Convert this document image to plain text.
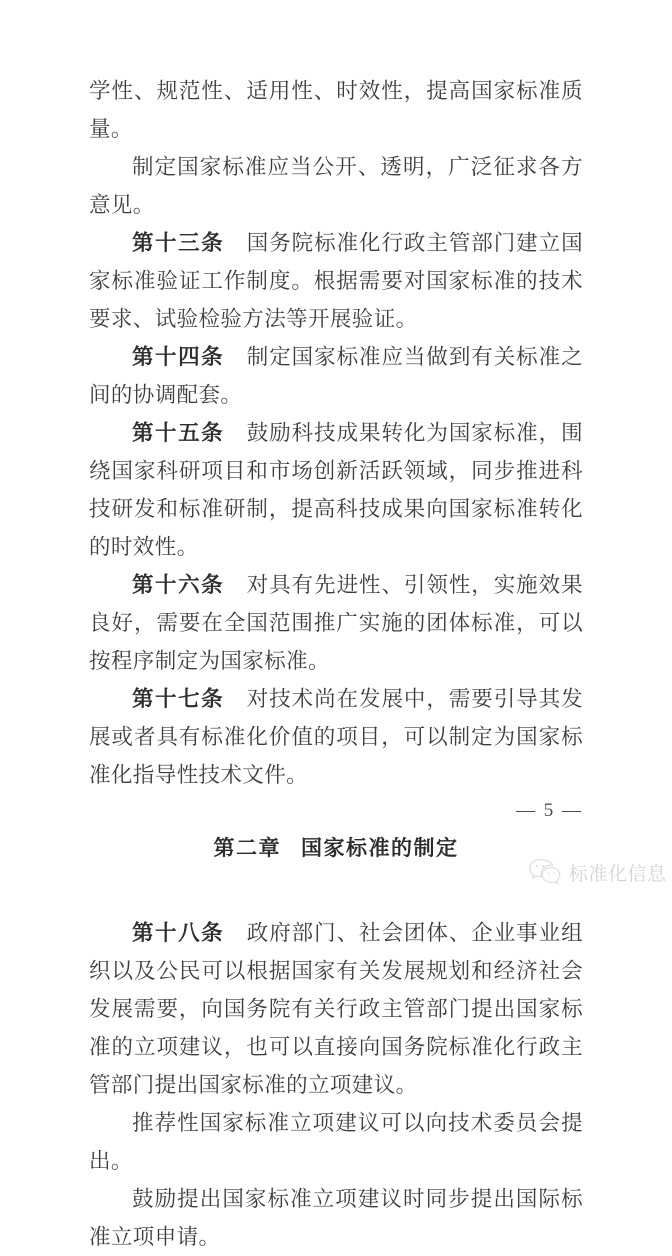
学性、规范性、适用性、时效性，提高国家标准质量。

制定国家标准应当公开、透明，广泛征求各方意见。

第十三条 国务院标准化行政主管部门建立国家标准验证工作制度。根据需要对国家标准的技术要求、试验检验方法等开展验证。

第十四条 制定国家标准应当做到有关标准之间的协调配套。

第十五条 鼓励科技成果转化为国家标准，围绕国家科研项目和市场创新活跃领域，同步推进科技研发和标准研制，提高科技成果向国家标准转化的时效性。

第十六条 对具有先进性、引领性，实施效果良好，需要在全国范围推广实施的团体标准，可以按程序制定为国家标准。

第十七条 对技术尚在发展中，需要引导其发展或者具有标准化价值的项目，可以制定为国家标准化指导性技术文件。

第二章 国家标准的制定

第十八条 政府部门、社会团体、企业事业组织以及公民可以根据国家有关发展规划和经济社会发展需要，向国务院有关行政主管部门提出国家标准的立项建议，也可以直接向国务院标准化行政主管部门提出国家标准的立项建议。

推荐性国家标准立项建议可以向技术委员会提出。

鼓励提出国家标准立项建议时同步提出国际标准立项申请。

— 5 —
标准化信息
